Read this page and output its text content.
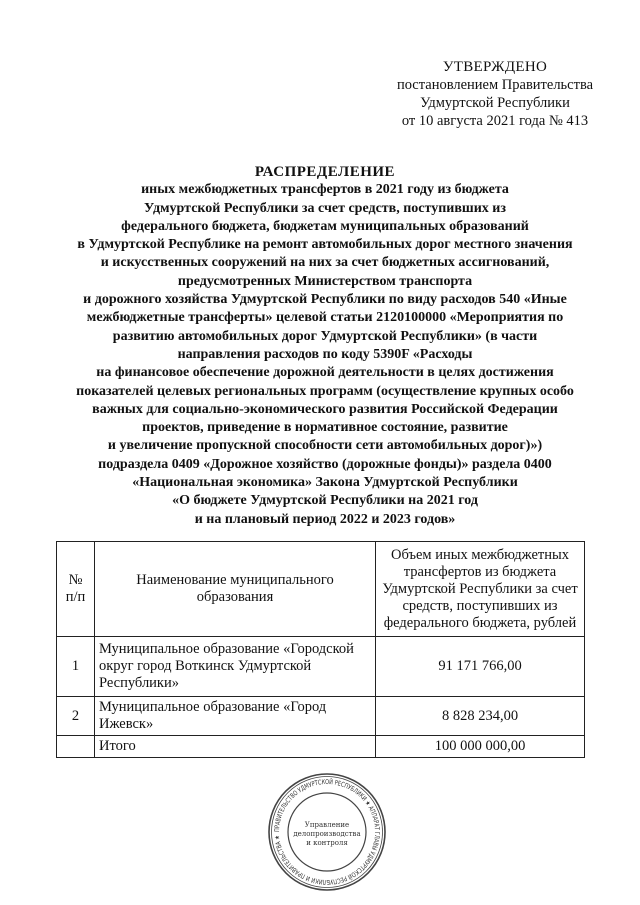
УТВЕРЖДЕНО
постановлением Правительства
Удмуртской Республики
от 10 августа 2021 года № 413
РАСПРЕДЕЛЕНИЕ
иных межбюджетных трансфертов в 2021 году из бюджета
Удмуртской Республики за счет средств, поступивших из
федерального бюджета, бюджетам муниципальных образований
в Удмуртской Республике на ремонт автомобильных дорог местного значения
и искусственных сооружений на них за счет бюджетных ассигнований,
предусмотренных Министерством транспорта
и дорожного хозяйства Удмуртской Республики по виду расходов 540 «Иные
межбюджетные трансферты» целевой статьи 2120100000 «Мероприятия по
развитию автомобильных дорог Удмуртской Республики» (в части
направления расходов по коду 5390F «Расходы
на финансовое обеспечение дорожной деятельности в целях достижения
показателей целевых региональных программ (осуществление крупных особо
важных для социально-экономического развития Российской Федерации
проектов, приведение в нормативное состояние, развитие
и увеличение пропускной способности сети автомобильных дорог)»)
подраздела 0409 «Дорожное хозяйство (дорожные фонды)» раздела 0400
«Национальная экономика» Закона Удмуртской Республики
«О бюджете Удмуртской Республики на 2021 год
и на плановый период 2022 и 2023 годов»
№ п/п	Наименование муниципального образования	Объем иных межбюджетных трансфертов из бюджета Удмуртской Республики за счет средств, поступивших из федерального бюджета, рублей
1	Муниципальное образование «Городской округ город Воткинск Удмуртской Республики»	91 171 766,00
2	Муниципальное образование «Город Ижевск»	8 828 234,00
	Итого	100 000 000,00
ПРАВИТЕЛЬСТВО УДМУРТСКОЙ РЕСПУБЛИКИ ★ АППАРАТ ГЛАВЫ УДМУРТСКОЙ РЕСПУБЛИКИ И ПРАВИТЕЛЬСТВА ★
Управление
делопроизводства
и контроля
